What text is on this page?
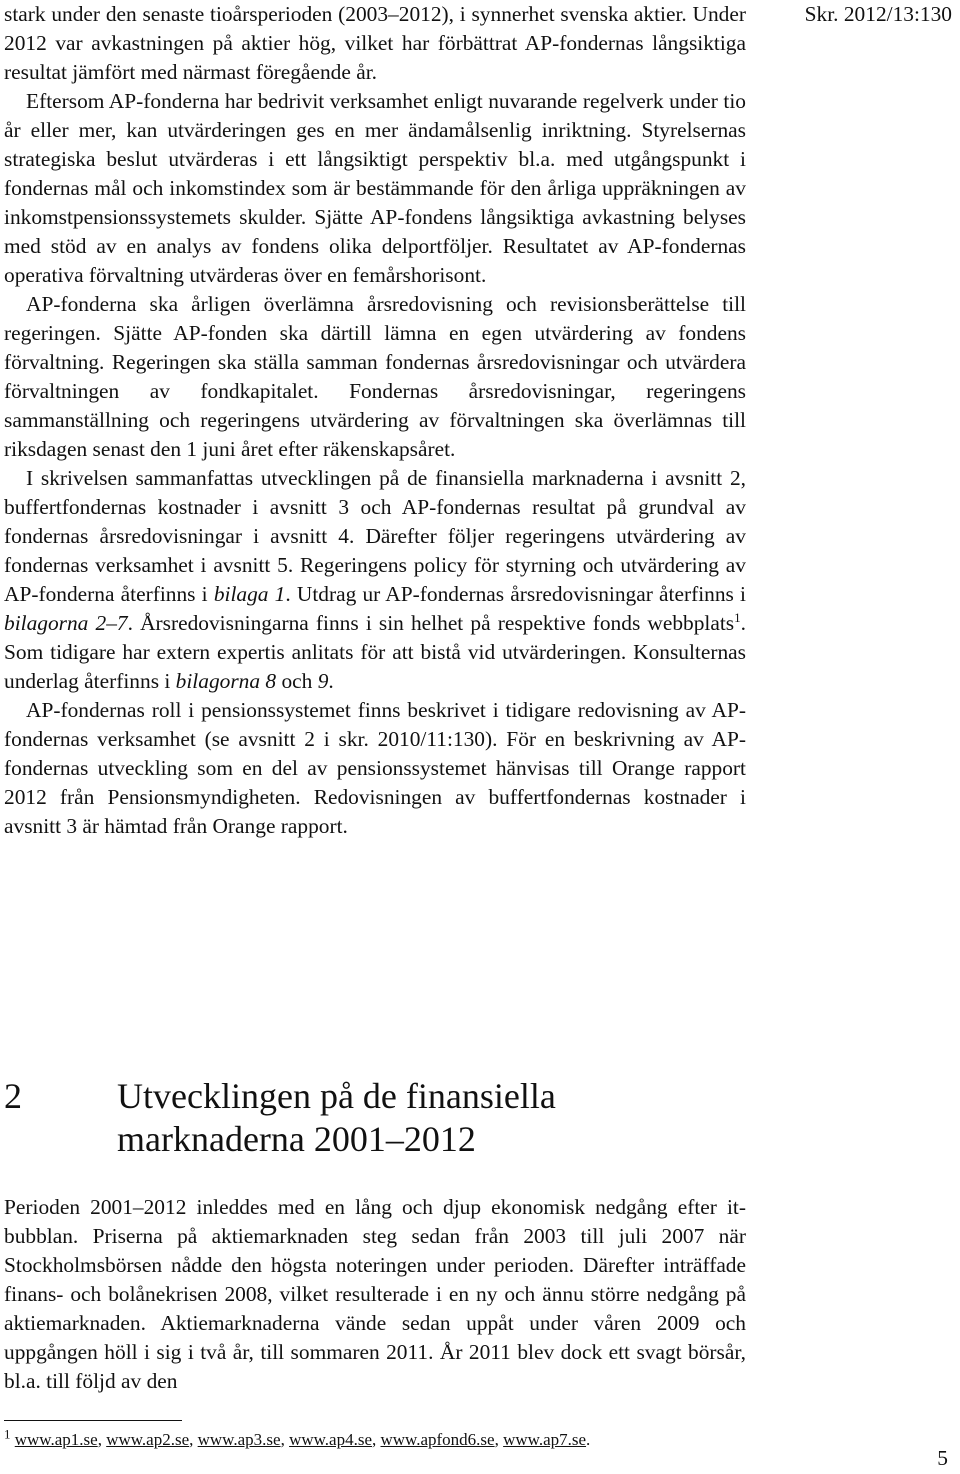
Skr. 2012/13:130

stark under den senaste tioårsperioden (2003–2012), i synnerhet svenska aktier. Under 2012 var avkastningen på aktier hög, vilket har förbättrat AP-fondernas långsiktiga resultat jämfört med närmast föregående år.

Eftersom AP-fonderna har bedrivit verksamhet enligt nuvarande regelverk under tio år eller mer, kan utvärderingen ges en mer ändamålsenlig inriktning. Styrelsernas strategiska beslut utvärderas i ett långsiktigt perspektiv bl.a. med utgångspunkt i fondernas mål och inkomstindex som är bestämmande för den årliga uppräkningen av inkomstpensionssystemets skulder. Sjätte AP-fondens långsiktiga avkastning belyses med stöd av en analys av fondens olika delportföljer. Resultatet av AP-fondernas operativa förvaltning utvärderas över en femårshorisont.

AP-fonderna ska årligen överlämna årsredovisning och revisionsberättelse till regeringen. Sjätte AP-fonden ska därtill lämna en egen utvärdering av fondens förvaltning. Regeringen ska ställa samman fondernas årsredovisningar och utvärdera förvaltningen av fondkapitalet. Fondernas årsredovisningar, regeringens sammanställning och regeringens utvärdering av förvaltningen ska överlämnas till riksdagen senast den 1 juni året efter räkenskapsåret.

I skrivelsen sammanfattas utvecklingen på de finansiella marknaderna i avsnitt 2, buffertfondernas kostnader i avsnitt 3 och AP-fondernas resultat på grundval av fondernas årsredovisningar i avsnitt 4. Därefter följer regeringens utvärdering av fondernas verksamhet i avsnitt 5. Regeringens policy för styrning och utvärdering av AP-fonderna återfinns i bilaga 1. Utdrag ur AP-fondernas årsredovisningar återfinns i bilagorna 2–7. Årsredovisningarna finns i sin helhet på respektive fonds webbplats$^1$. Som tidigare har extern expertis anlitats för att bistå vid utvärderingen. Konsulternas underlag återfinns i bilagorna 8 och 9.

AP-fondernas roll i pensionssystemet finns beskrivet i tidigare redovisning av AP-fondernas verksamhet (se avsnitt 2 i skr. 2010/11:130). För en beskrivning av AP-fondernas utveckling som en del av pensionssystemet hänvisas till Orange rapport 2012 från Pensionsmyndigheten. Redovisningen av buffertfondernas kostnader i avsnitt 3 är hämtad från Orange rapport.

2	Utvecklingen på de finansiella marknaderna 2001–2012
Perioden 2001–2012 inleddes med en lång och djup ekonomisk nedgång efter it-bubblan. Priserna på aktiemarknaden steg sedan från 2003 till juli 2007 när Stockholmsbörsen nådde den högsta noteringen under perioden. Därefter inträffade finans- och bolånekrisen 2008, vilket resulterade i en ny och ännu större nedgång på aktiemarknaden. Aktiemarknaderna vände sedan uppåt under våren 2009 och uppgången höll i sig i två år, till sommaren 2011. År 2011 blev dock ett svagt börsår, bl.a. till följd av den
$^1$ www.ap1.se, www.ap2.se, www.ap3.se, www.ap4.se, www.apfond6.se, www.ap7.se.
5
